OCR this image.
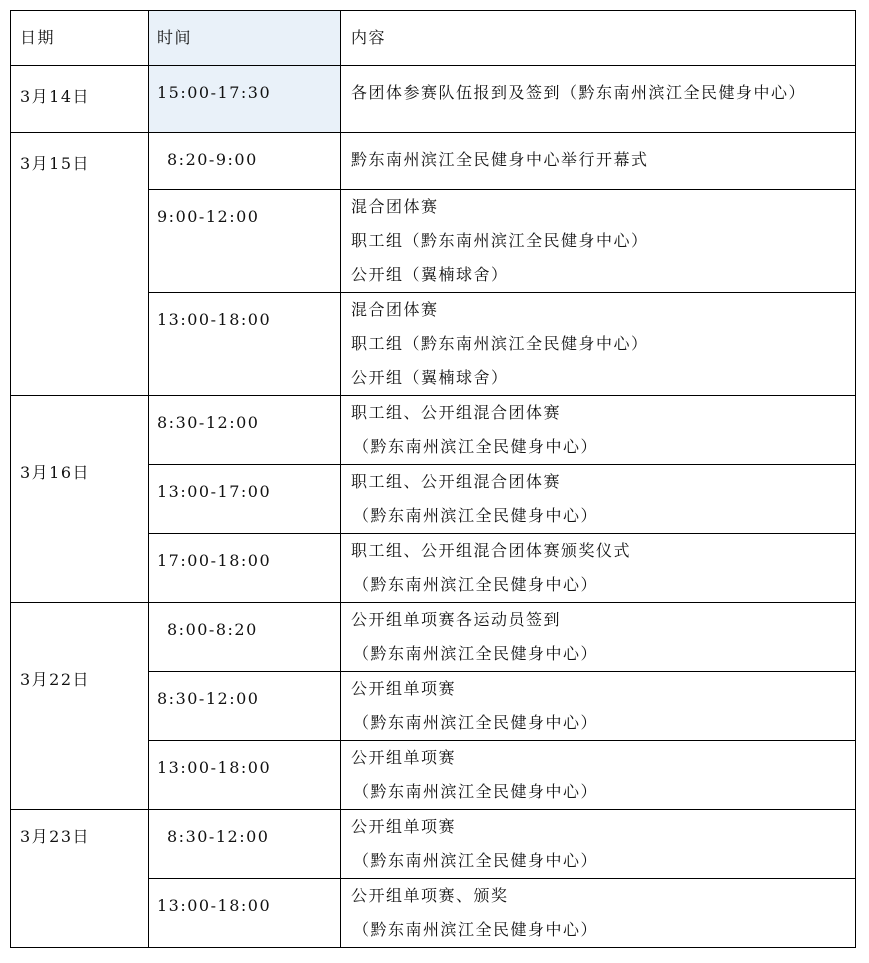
日期	时间	内容
3月14日	15:00-17:30	各团体参赛队伍报到及签到（黔东南州滨江全民健身中心）

3月15日	8:20-9:00	黔东南州滨江全民健身中心举行开幕式

	9:00-12:00	混合团体赛
职工组（黔东南州滨江全民健身中心）
公开组（翼楠球舍）

	13:00-18:00	混合团体赛
职工组（黔东南州滨江全民健身中心）
公开组（翼楠球舍）

3月16日	8:30-12:00	职工组、公开组混合团体赛
（黔东南州滨江全民健身中心）

	13:00-17:00	职工组、公开组混合团体赛
（黔东南州滨江全民健身中心）

	17:00-18:00	职工组、公开组混合团体赛颁奖仪式
（黔东南州滨江全民健身中心）

3月22日	8:00-8:20	公开组单项赛各运动员签到
（黔东南州滨江全民健身中心）

	8:30-12:00	公开组单项赛
（黔东南州滨江全民健身中心）

	13:00-18:00	公开组单项赛
（黔东南州滨江全民健身中心）

3月23日	8:30-12:00	公开组单项赛
（黔东南州滨江全民健身中心）

	13:00-18:00	公开组单项赛、颁奖
（黔东南州滨江全民健身中心）
